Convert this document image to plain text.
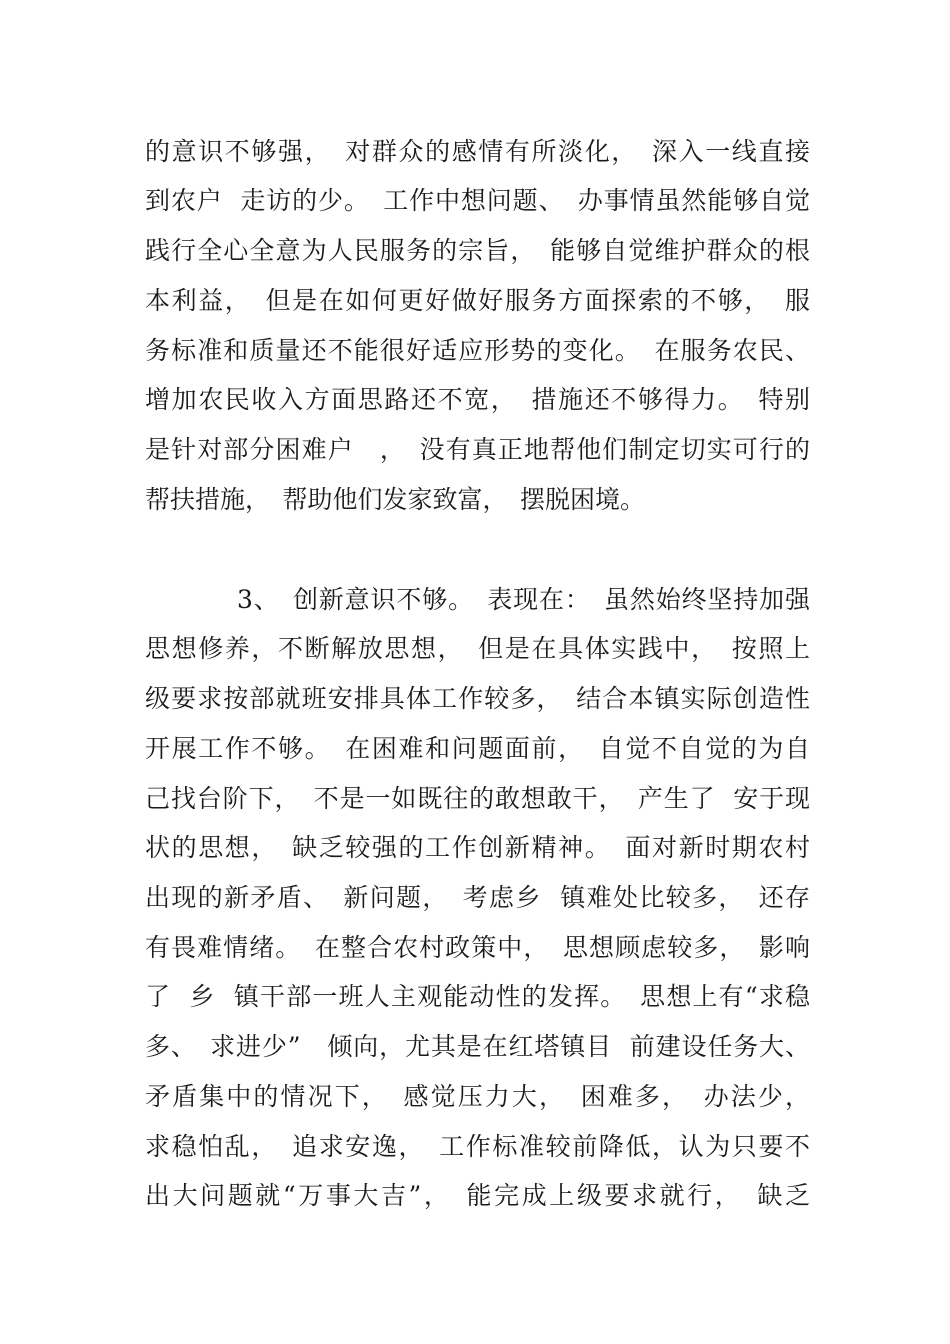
的意识不够强，　对群众的感情有所淡化，　深入一线直接
到农户  走访的少。　工作中想问题、　办事情虽然能够自觉
践行全心全意为人民服务的宗旨，　能够自觉维护群众的根
本利益，　但是在如何更好做好服务方面探索的不够，　服
务标准和质量还不能很好适应形势的变化。　在服务农民、
增加农民收入方面思路还不宽，　措施还不够得力。　特别
是针对部分困难户　，　没有真正地帮他们制定切实可行的
帮扶措施，　帮助他们发家致富，　摆脱困境。
3、　创新意识不够。　表现在：　虽然始终坚持加强
思想修养，不断解放思想，　但是在具体实践中，　按照上
级要求按部就班安排具体工作较多，　结合本镇实际创造性
开展工作不够。　在困难和问题面前，　自觉不自觉的为自
己找台阶下，　不是一如既往的敢想敢干，　产生了  安于现
状的思想，　缺乏较强的工作创新精神。　面对新时期农村
出现的新矛盾、　新问题，　考虑乡  镇难处比较多，　还存
有畏难情绪。　在整合农村政策中，　思想顾虑较多，　影响
了  乡  镇干部一班人主观能动性的发挥。　思想上有“求稳
多、　求进少”　倾向，尤其是在红塔镇目  前建设任务大、
矛盾集中的情况下，　感觉压力大，　困难多，　办法少，
求稳怕乱，　追求安逸，　工作标准较前降低，认为只要不
出大问题就“万事大吉”，　能完成上级要求就行，　缺乏
